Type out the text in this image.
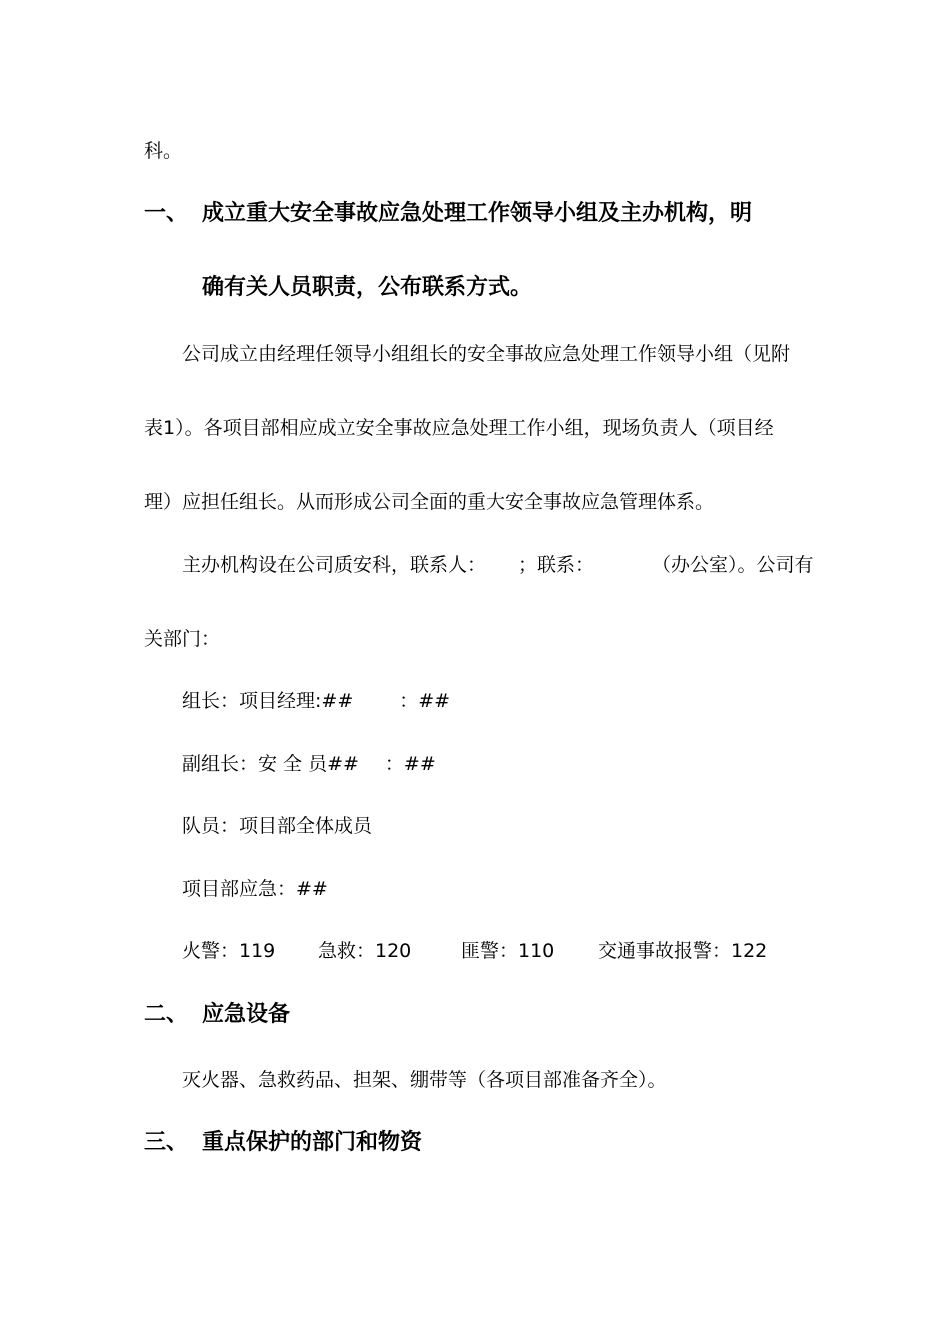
科。
一、 成立重大安全事故应急处理工作领导小组及主办机构，明
确有关人员职责，公布联系方式。
公司成立由经理任领导小组组长的安全事故应急处理工作领导小组（见附
表1）。各项目部相应成立安全事故应急处理工作小组，现场负责人（项目经
理）应担任组长。从而形成公司全面的重大安全事故应急管理体系。
主办机构设在公司质安科，联系人： ；联系：	（办公室）。公司有
关部门：
组长：项目经理:## ：##
副组长：安 全 员## ：##
队员：项目部全体成员
项目部应急：##
火警：119 急救：120	匪警：110 交通事故报警：122
二、 应急设备
灭火器、急救药品、担架、绷带等（各项目部准备齐全）。
三、 重点保护的部门和物资
